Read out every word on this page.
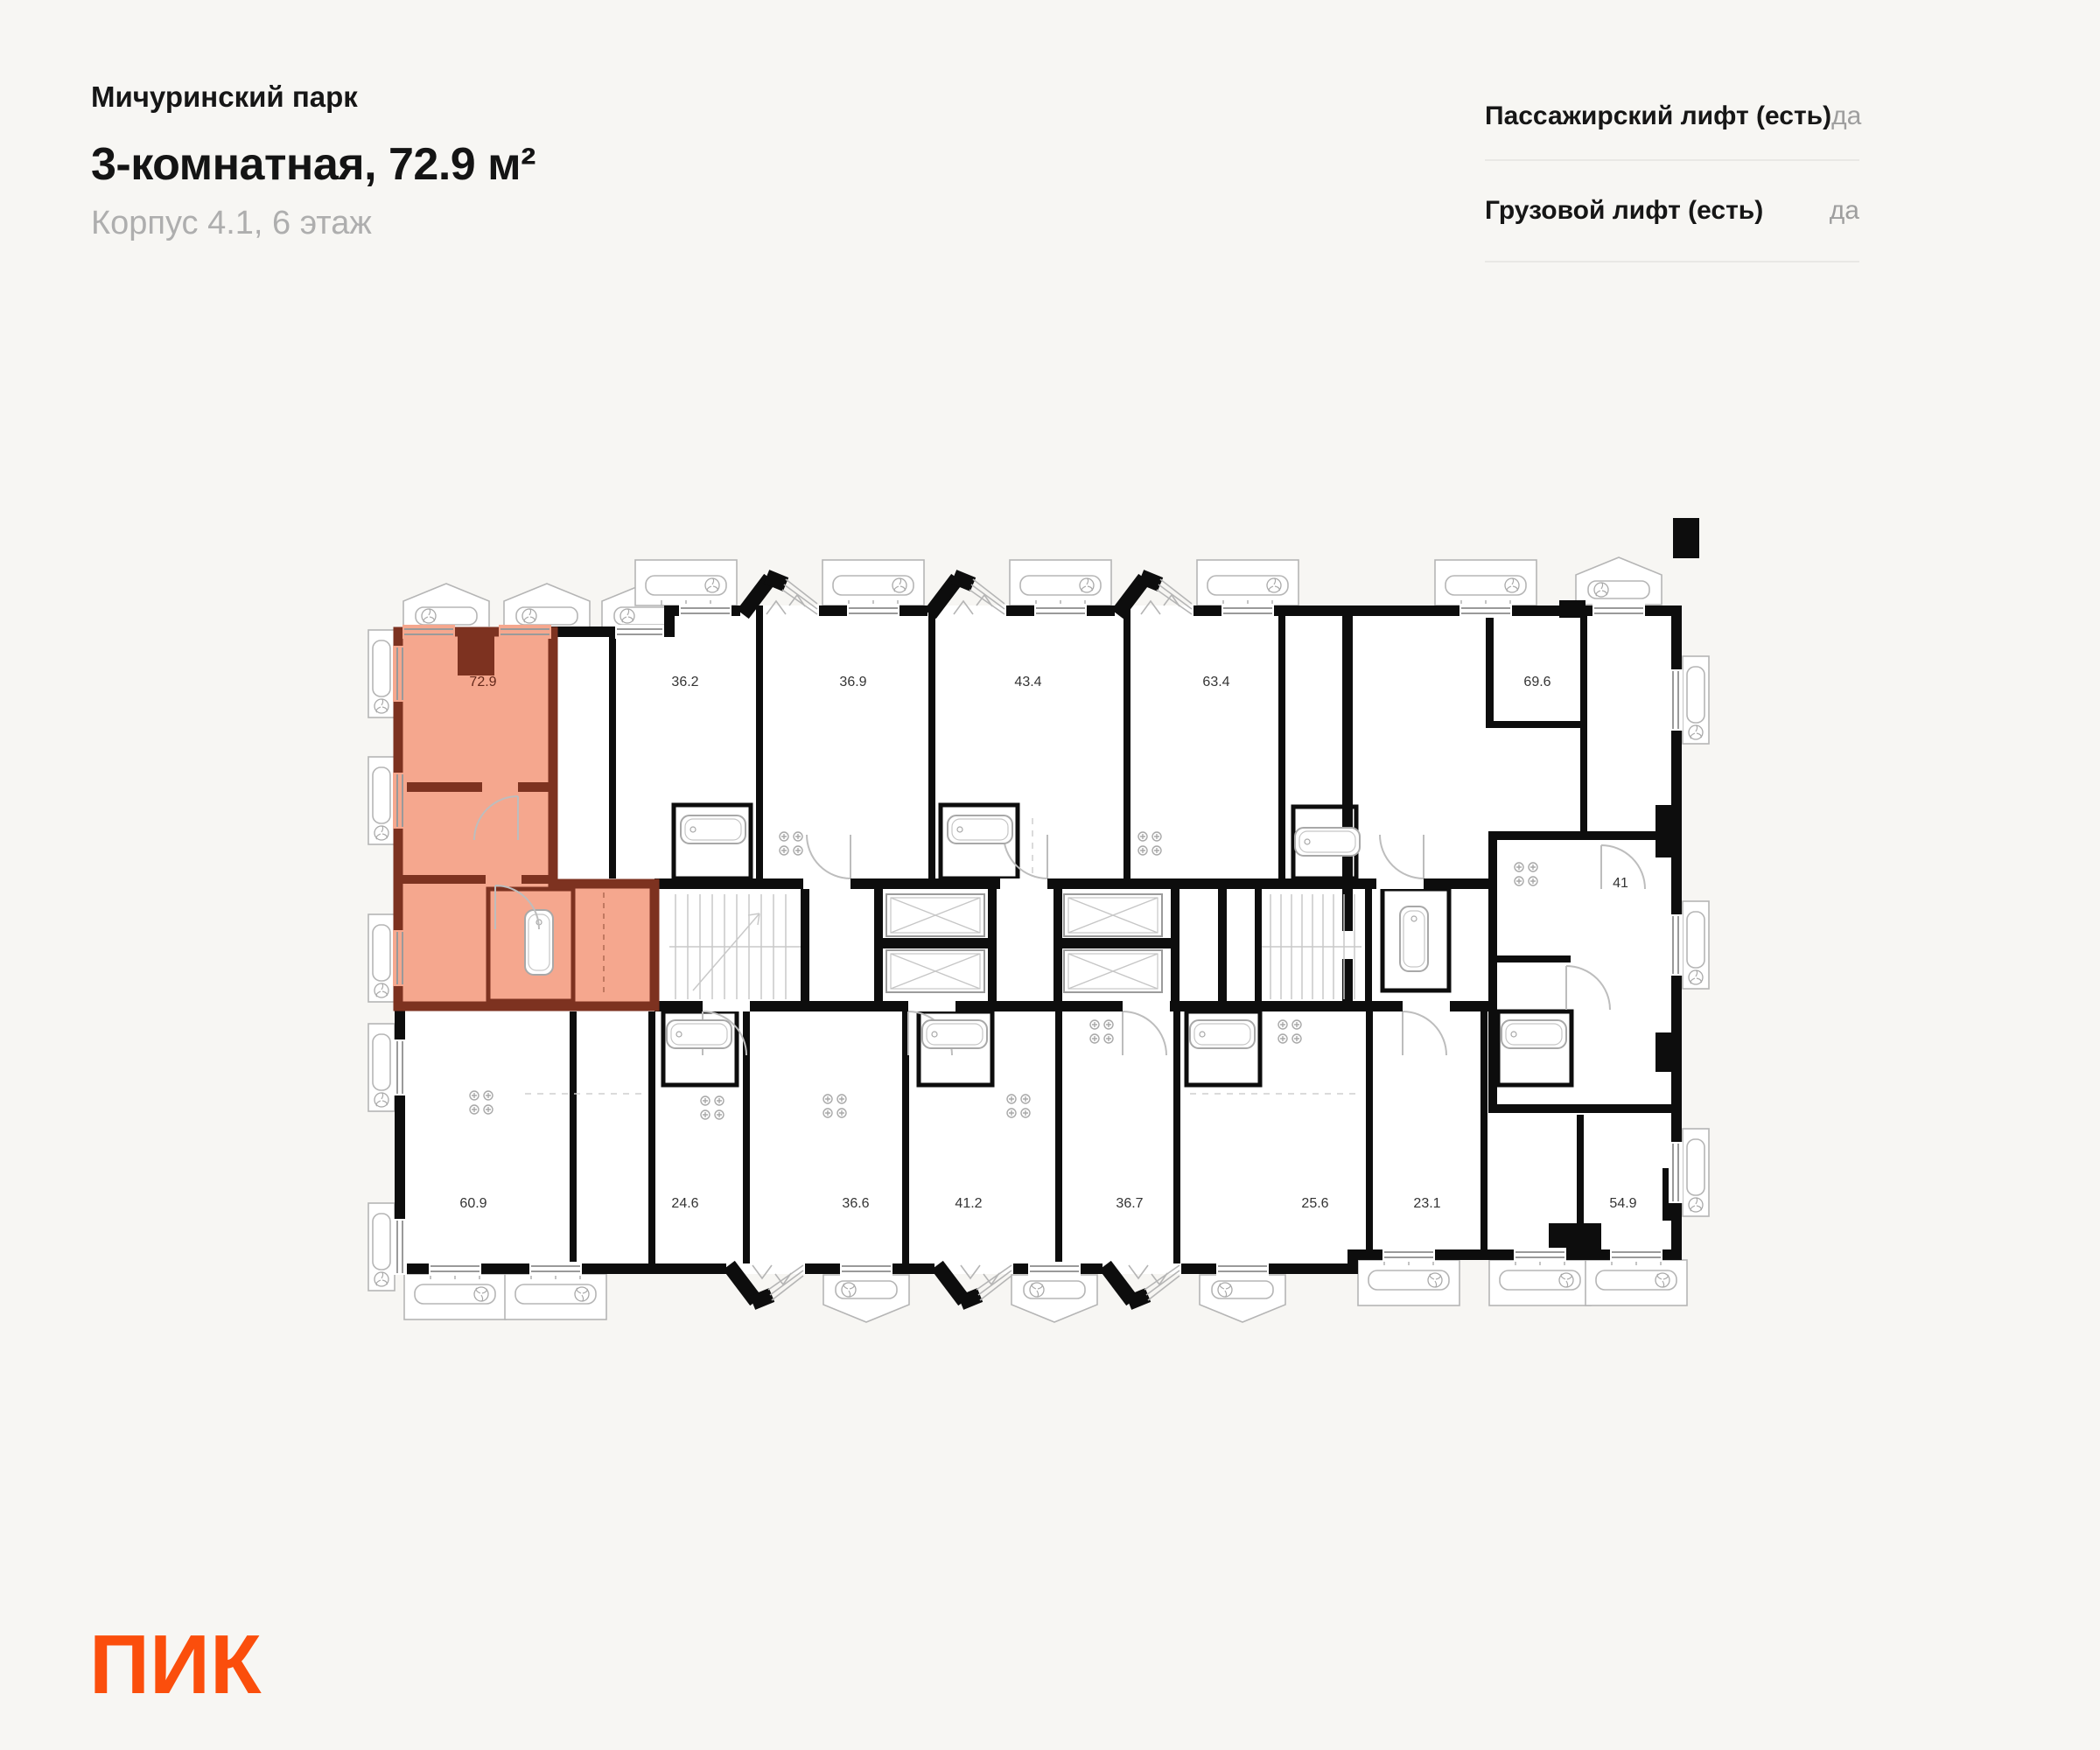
Мичуринский парк
3-комнатная, 72.9 м²
Корпус 4.1, 6 этаж
Пассажирский лифт (есть) да
Грузовой лифт (есть)	да
72.9	36.2	36.9	43.4	63.4	69.6
41
60.9	24.6	36.6	41.2	36.7	25.6	23.1	54.9
ПИК
